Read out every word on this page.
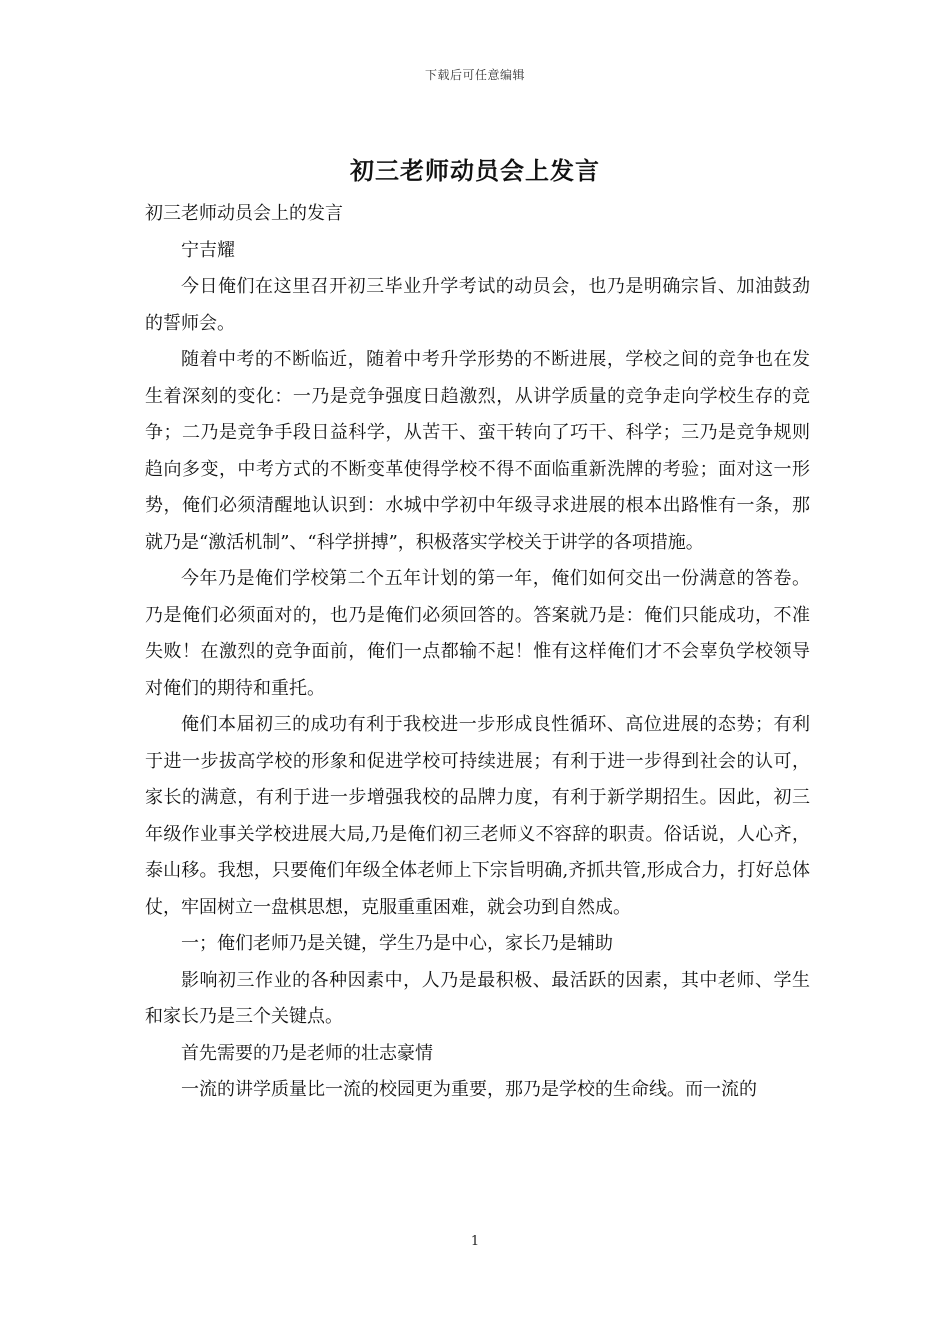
下载后可任意编辑
初三老师动员会上发言

初三老师动员会上的发言

宁吉耀

今日俺们在这里召开初三毕业升学考试的动员会，也乃是明确宗旨、加油鼓劲的誓师会。

随着中考的不断临近，随着中考升学形势的不断进展，学校之间的竞争也在发生着深刻的变化：一乃是竞争强度日趋激烈，从讲学质量的竞争走向学校生存的竞争；二乃是竞争手段日益科学，从苦干、蛮干转向了巧干、科学；三乃是竞争规则趋向多变，中考方式的不断变革使得学校不得不面临重新洗牌的考验；面对这一形势，俺们必须清醒地认识到：水城中学初中年级寻求进展的根本出路惟有一条，那就乃是“激活机制”、“科学拼搏”，积极落实学校关于讲学的各项措施。

今年乃是俺们学校第二个五年计划的第一年，俺们如何交出一份满意的答卷。乃是俺们必须面对的，也乃是俺们必须回答的。答案就乃是：俺们只能成功，不准失败！在激烈的竞争面前，俺们一点都输不起！惟有这样俺们才不会辜负学校领导对俺们的期待和重托。

俺们本届初三的成功有利于我校进一步形成良性循环、高位进展的态势；有利于进一步拔高学校的形象和促进学校可持续进展；有利于进一步得到社会的认可，家长的满意，有利于进一步增强我校的品牌力度，有利于新学期招生。因此，初三年级作业事关学校进展大局,乃是俺们初三老师义不容辞的职责。俗话说，人心齐，泰山移。我想，只要俺们年级全体老师上下宗旨明确,齐抓共管,形成合力，打好总体仗，牢固树立一盘棋思想，克服重重困难，就会功到自然成。

一；俺们老师乃是关键，学生乃是中心，家长乃是辅助

影响初三作业的各种因素中，人乃是最积极、最活跃的因素，其中老师、学生和家长乃是三个关键点。

首先需要的乃是老师的壮志豪情

一流的讲学质量比一流的校园更为重要，那乃是学校的生命线。而一流的

1
